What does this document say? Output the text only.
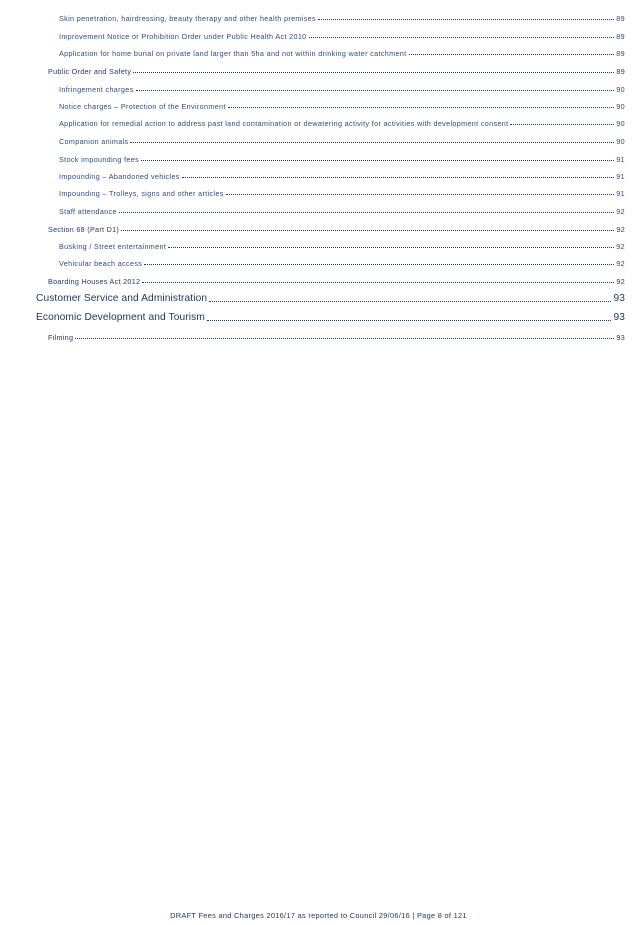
Skin penetration, hairdressing, beauty therapy and other health premises	89
Improvement Notice or Prohibition Order under Public Health Act 2010	89
Application for home burial on private land larger than 5ha and not within drinking water catchment	89
Public Order and Safety	89
Infringement charges	90
Notice charges – Protection of the Environment	90
Application for remedial action to address past land contamination or dewatering activity for activities with development consent	90
Companion animals	90
Stock impounding fees	91
Impounding – Abandoned vehicles	91
Impounding – Trolleys, signs and other articles	91
Staff attendance	92
Section 68 (Part D1)	92
Busking / Street entertainment	92
Vehicular beach access	92
Boarding Houses Act 2012	92
Customer Service and Administration	93
Economic Development and Tourism	93
Filming	93
DRAFT Fees and Charges 2016/17 as reported to Council 29/06/16 | Page 8 of 121
